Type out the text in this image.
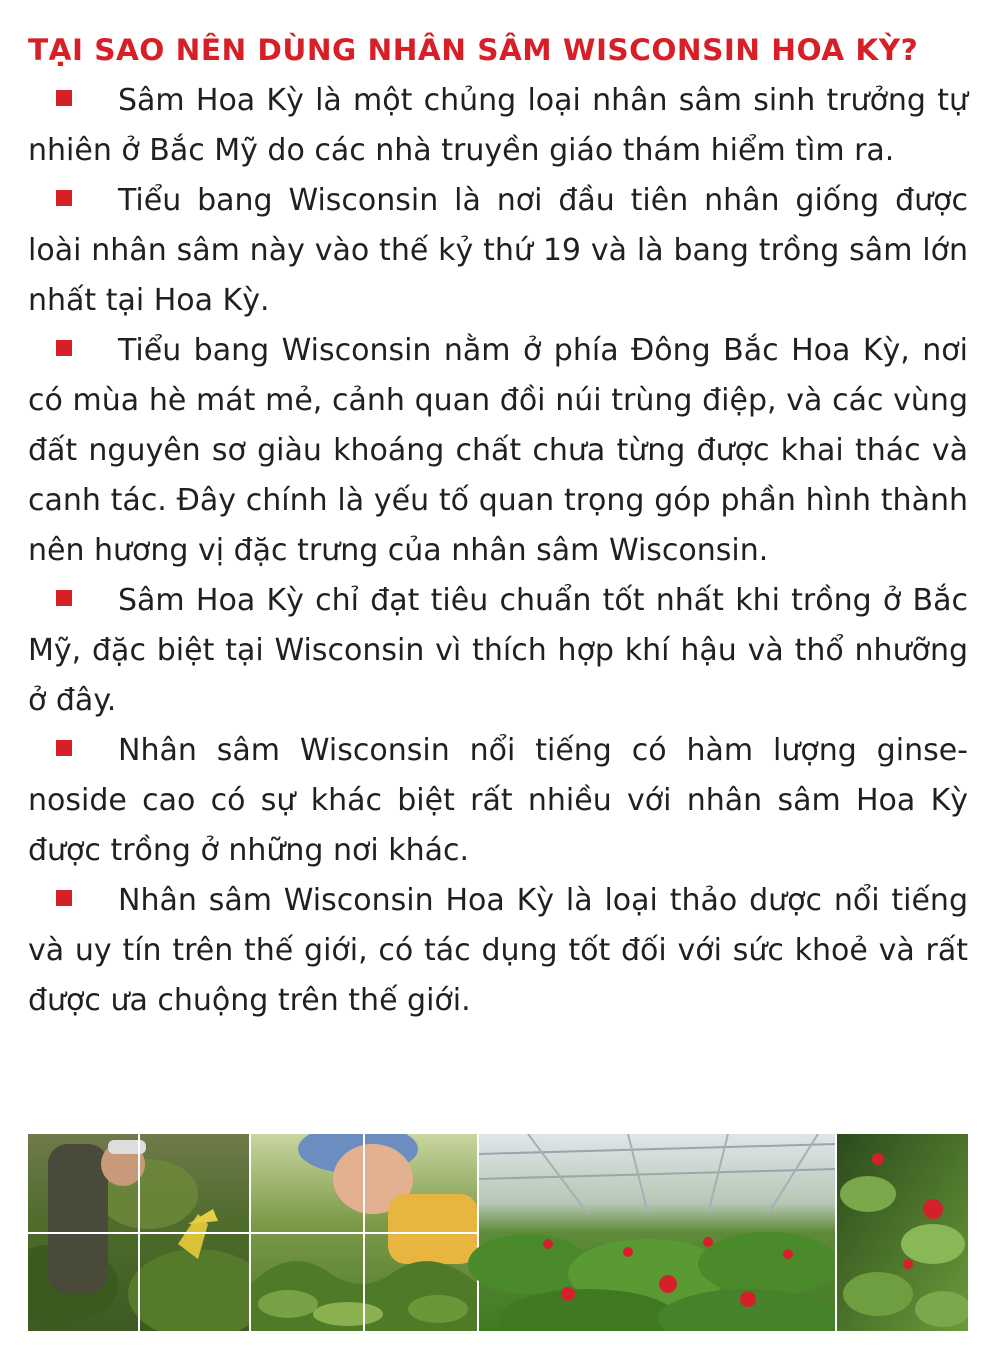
TẠI SAO NÊN DÙNG NHÂN SÂM WISCONSIN HOA KỲ?

Sâm Hoa Kỳ là một chủng loại nhân sâm sinh trưởng tự nhiên ở Bắc Mỹ do các nhà truyền giáo thám hiểm tìm ra.

Tiểu bang Wisconsin là nơi đầu tiên nhân giống được loài nhân sâm này vào thế kỷ thứ 19 và là bang trồng sâm lớn nhất tại Hoa Kỳ.

Tiểu bang Wisconsin nằm ở phía Đông Bắc Hoa Kỳ, nơi có mùa hè mát mẻ, cảnh quan đồi núi trùng điệp, và các vùng đất nguyên sơ giàu khoáng chất chưa từng được khai thác và canh tác. Đây chính là yếu tố quan trọng góp phần hình thành nên hương vị đặc trưng của nhân sâm Wisconsin.

Sâm Hoa Kỳ chỉ đạt tiêu chuẩn tốt nhất khi trồng ở Bắc Mỹ, đặc biệt tại Wisconsin vì thích hợp khí hậu và thổ nhưỡng ở đây.

Nhân sâm Wisconsin nổi tiếng có hàm lượng ginse-noside cao có sự khác biệt rất nhiều với nhân sâm Hoa Kỳ được trồng ở những nơi khác.

Nhân sâm Wisconsin Hoa Kỳ là loại thảo dược nổi tiếng và uy tín trên thế giới, có tác dụng tốt đối với sức khoẻ và rất được ưa chuộng trên thế giới.
